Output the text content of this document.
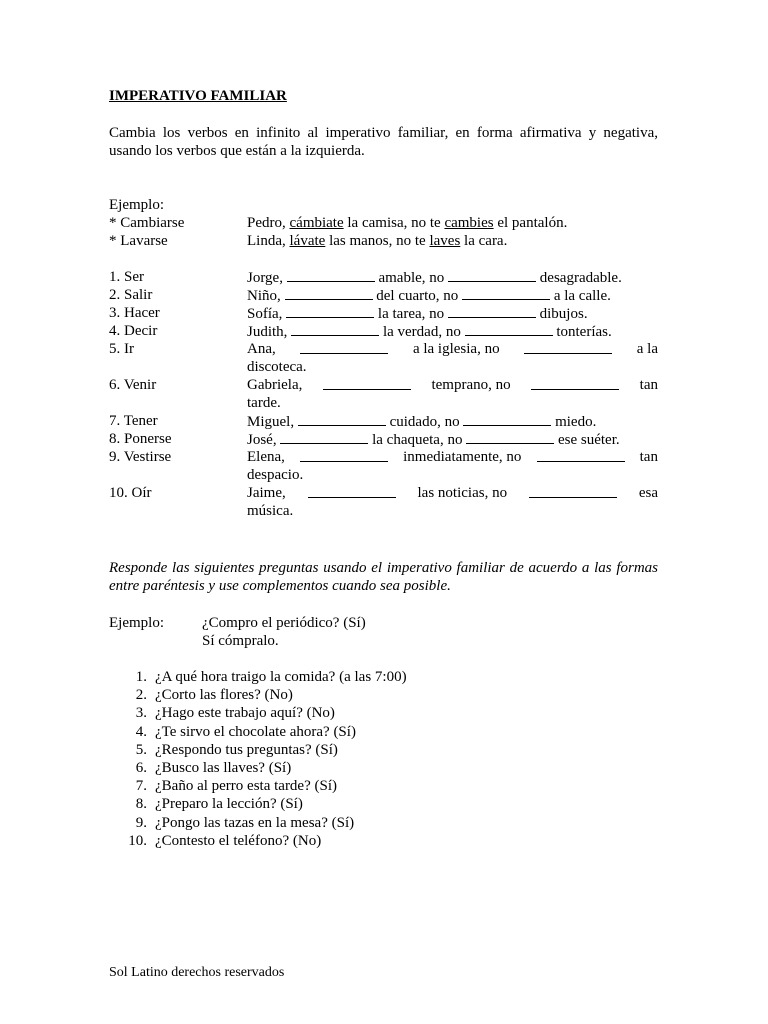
IMPERATIVO FAMILIAR
Cambia los verbos en infinito al imperativo familiar, en forma afirmativa y negativa, usando los verbos que están a la izquierda.
Ejemplo:
* Cambiarse	Pedro, cámbiate la camisa, no te cambies el pantalón.
* Lavarse	Linda, lávate las manos, no te laves la cara.
1. Ser	Jorge,	amable, no	desagradable.
2. Salir	Niño,	del cuarto, no	a la calle.
3. Hacer	Sofía,	la tarea, no	dibujos.
4. Decir	Judith,	la verdad, no	tonterías.
5. Ir	Ana,	a la iglesia, no	a la
discoteca.
6. Venir	Gabriela,	temprano, no	tan
tarde.
7. Tener	Miguel,	cuidado, no	miedo.
8. Ponerse	José,	la chaqueta, no	ese suéter.
9. Vestirse	Elena,	inmediatamente, no	tan
despacio.
10. Oír	Jaime,	las noticias, no	esa
música.
Responde las siguientes preguntas usando el imperativo familiar de acuerdo a las formas entre paréntesis y use complementos cuando sea posible.
Ejemplo:	¿Compro el periódico? (Sí)
Sí cómpralo.
1. ¿A qué hora traigo la comida? (a las 7:00)
2. ¿Corto las flores? (No)
3. ¿Hago este trabajo aquí? (No)
4. ¿Te sirvo el chocolate ahora? (Sí)
5. ¿Respondo tus preguntas? (Sí)
6. ¿Busco las llaves? (Sí)
7. ¿Baño al perro esta tarde? (Sí)
8. ¿Preparo la lección? (Sí)
9. ¿Pongo las tazas en la mesa? (Sí)
10. ¿Contesto el teléfono? (No)
Sol Latino derechos reservados
